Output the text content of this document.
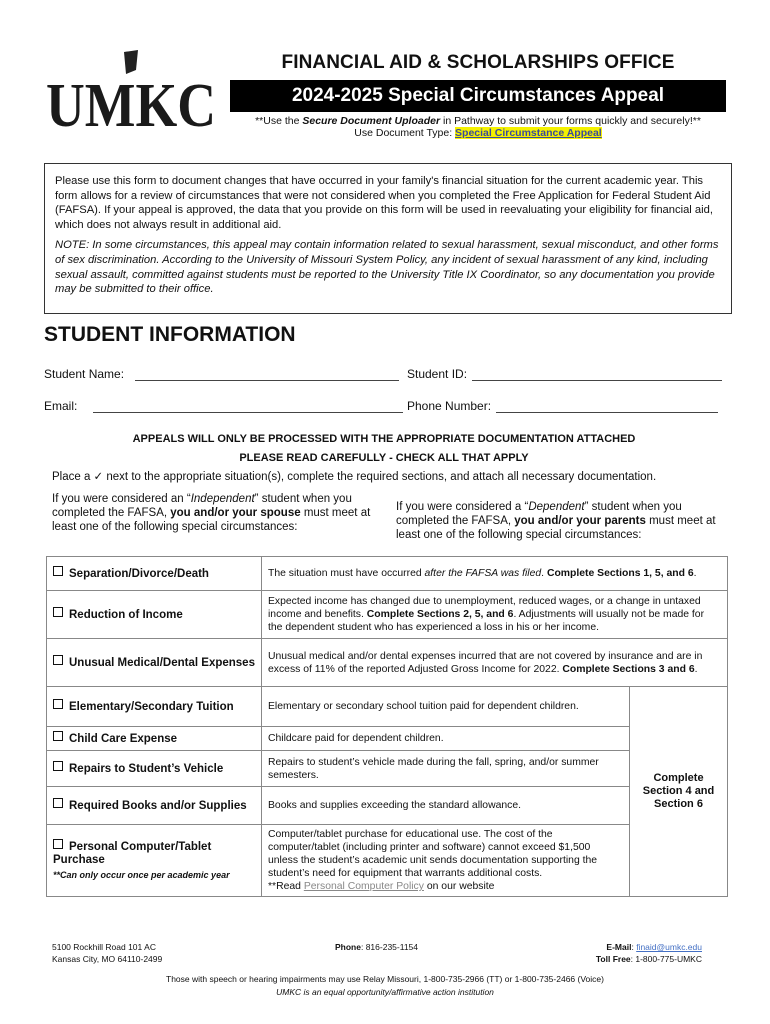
UMKC
FINANCIAL AID & SCHOLARSHIPS OFFICE
2024-2025 Special Circumstances Appeal
**Use the Secure Document Uploader in Pathway to submit your forms quickly and securely!**
Use Document Type: Special Circumstance Appeal

Please use this form to document changes that have occurred in your family's financial situation for the current academic year. This form allows for a review of circumstances that were not considered when you completed the Free Application for Federal Student Aid (FAFSA). If your appeal is approved, the data that you provide on this form will be used in reevaluating your eligibility for financial aid, which does not always result in additional aid.

NOTE: In some circumstances, this appeal may contain information related to sexual harassment, sexual misconduct, and other forms of sex discrimination. According to the University of Missouri System Policy, any incident of sexual harassment of any kind, including sexual assault, committed against students must be reported to the University Title IX Coordinator, so any documentation you provide may be submitted to their office.

STUDENT INFORMATION
Student Name:	Student ID:
Email:	Phone Number:
APPEALS WILL ONLY BE PROCESSED WITH THE APPROPRIATE DOCUMENTATION ATTACHED
PLEASE READ CAREFULLY - CHECK ALL THAT APPLY
Place a ✓ next to the appropriate situation(s), complete the required sections, and attach all necessary documentation.
If you were considered an “Independent” student when you completed the FAFSA, you and/or your spouse must meet at least one of the following special circumstances:
If you were considered a “Dependent” student when you completed the FAFSA, you and/or your parents must meet at least one of the following special circumstances:
Separation/Divorce/Death	The situation must have occurred after the FAFSA was filed. Complete Sections 1, 5, and 6.	
Reduction of Income	Expected income has changed due to unemployment, reduced wages, or a change in untaxed income and benefits. Complete Sections 2, 5, and 6. Adjustments will usually not be made for the dependent student who has experienced a loss in his or her income.	
Unusual Medical/Dental Expenses	Unusual medical and/or dental expenses incurred that are not covered by insurance and are in excess of 11% of the reported Adjusted Gross Income for 2022. Complete Sections 3 and 6.	
Elementary/Secondary Tuition	Elementary or secondary school tuition paid for dependent children.	Complete Section 4 and Section 6
Child Care Expense	Childcare paid for dependent children.	
Repairs to Student’s Vehicle	Repairs to student’s vehicle made during the fall, spring, and/or summer semesters.	
Required Books and/or Supplies	Books and supplies exceeding the standard allowance.	
Personal Computer/Tablet Purchase
**Can only occur once per academic year	Computer/tablet purchase for educational use. The cost of the computer/tablet (including printer and software) cannot exceed $1,500 unless the student’s academic unit sends documentation supporting the student’s need for equipment that warrants additional costs.
**Read Personal Computer Policy on our website	
5100 Rockhill Road 101 AC
Kansas City, MO 64110-2499
Phone: 816-235-1154	E-Mail: finaid@umkc.edu
Toll Free: 1-800-775-UMKC
Those with speech or hearing impairments may use Relay Missouri, 1-800-735-2966 (TT) or 1-800-735-2466 (Voice)
UMKC is an equal opportunity/affirmative action institution
